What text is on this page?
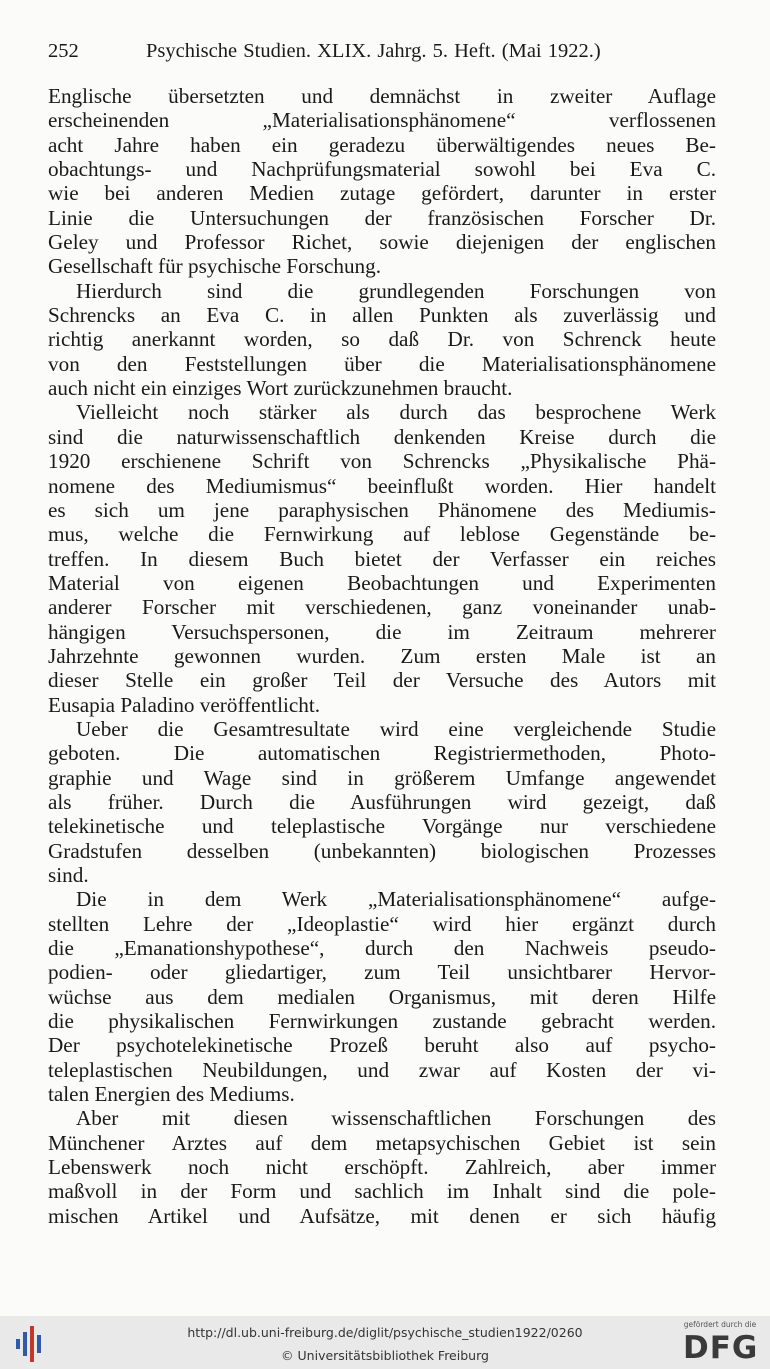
252	Psychische Studien. XLIX. Jahrg. 5. Heft. (Mai 1922.)
Englische übersetzten und demnächst in zweiter Auflage
erscheinenden „Materialisationsphänomene“ verflossenen
acht Jahre haben ein geradezu überwältigendes neues Be-
obachtungs- und Nachprüfungsmaterial sowohl bei Eva C.
wie bei anderen Medien zutage gefördert, darunter in erster
Linie die Untersuchungen der französischen Forscher Dr.
Geley und Professor Richet, sowie diejenigen der englischen
Gesellschaft für psychische Forschung.
Hierdurch sind die grundlegenden Forschungen von
Schrencks an Eva C. in allen Punkten als zuverlässig und
richtig anerkannt worden, so daß Dr. von Schrenck heute
von den Feststellungen über die Materialisationsphänomene
auch nicht ein einziges Wort zurückzunehmen braucht.
Vielleicht noch stärker als durch das besprochene Werk
sind die naturwissenschaftlich denkenden Kreise durch die
1920 erschienene Schrift von Schrencks „Physikalische Phä-
nomene des Mediumismus“ beeinflußt worden. Hier handelt
es sich um jene paraphysischen Phänomene des Mediumis-
mus, welche die Fernwirkung auf leblose Gegenstände be-
treffen. In diesem Buch bietet der Verfasser ein reiches
Material von eigenen Beobachtungen und Experimenten
anderer Forscher mit verschiedenen, ganz voneinander unab-
hängigen Versuchspersonen, die im Zeitraum mehrerer
Jahrzehnte gewonnen wurden. Zum ersten Male ist an
dieser Stelle ein großer Teil der Versuche des Autors mit
Eusapia Paladino veröffentlicht.
Ueber die Gesamtresultate wird eine vergleichende Studie
geboten. Die automatischen Registriermethoden, Photo-
graphie und Wage sind in größerem Umfange angewendet
als früher. Durch die Ausführungen wird gezeigt, daß
telekinetische und teleplastische Vorgänge nur verschiedene
Gradstufen desselben (unbekannten) biologischen Prozesses
sind.
Die in dem Werk „Materialisationsphänomene“ aufge-
stellten Lehre der „Ideoplastie“ wird hier ergänzt durch
die „Emanationshypothese“, durch den Nachweis pseudo-
podien- oder gliedartiger, zum Teil unsichtbarer Hervor-
wüchse aus dem medialen Organismus, mit deren Hilfe
die physikalischen Fernwirkungen zustande gebracht werden.
Der psychotelekinetische Prozeß beruht also auf psycho-
teleplastischen Neubildungen, und zwar auf Kosten der vi-
talen Energien des Mediums.
Aber mit diesen wissenschaftlichen Forschungen des
Münchener Arztes auf dem metapsychischen Gebiet ist sein
Lebenswerk noch nicht erschöpft. Zahlreich, aber immer
maßvoll in der Form und sachlich im Inhalt sind die pole-
mischen Artikel und Aufsätze, mit denen er sich häufig
http://dl.ub.uni-freiburg.de/diglit/psychische_studien1922/0260
© Universitätsbibliothek Freiburg
gefördert durch die
DFG
